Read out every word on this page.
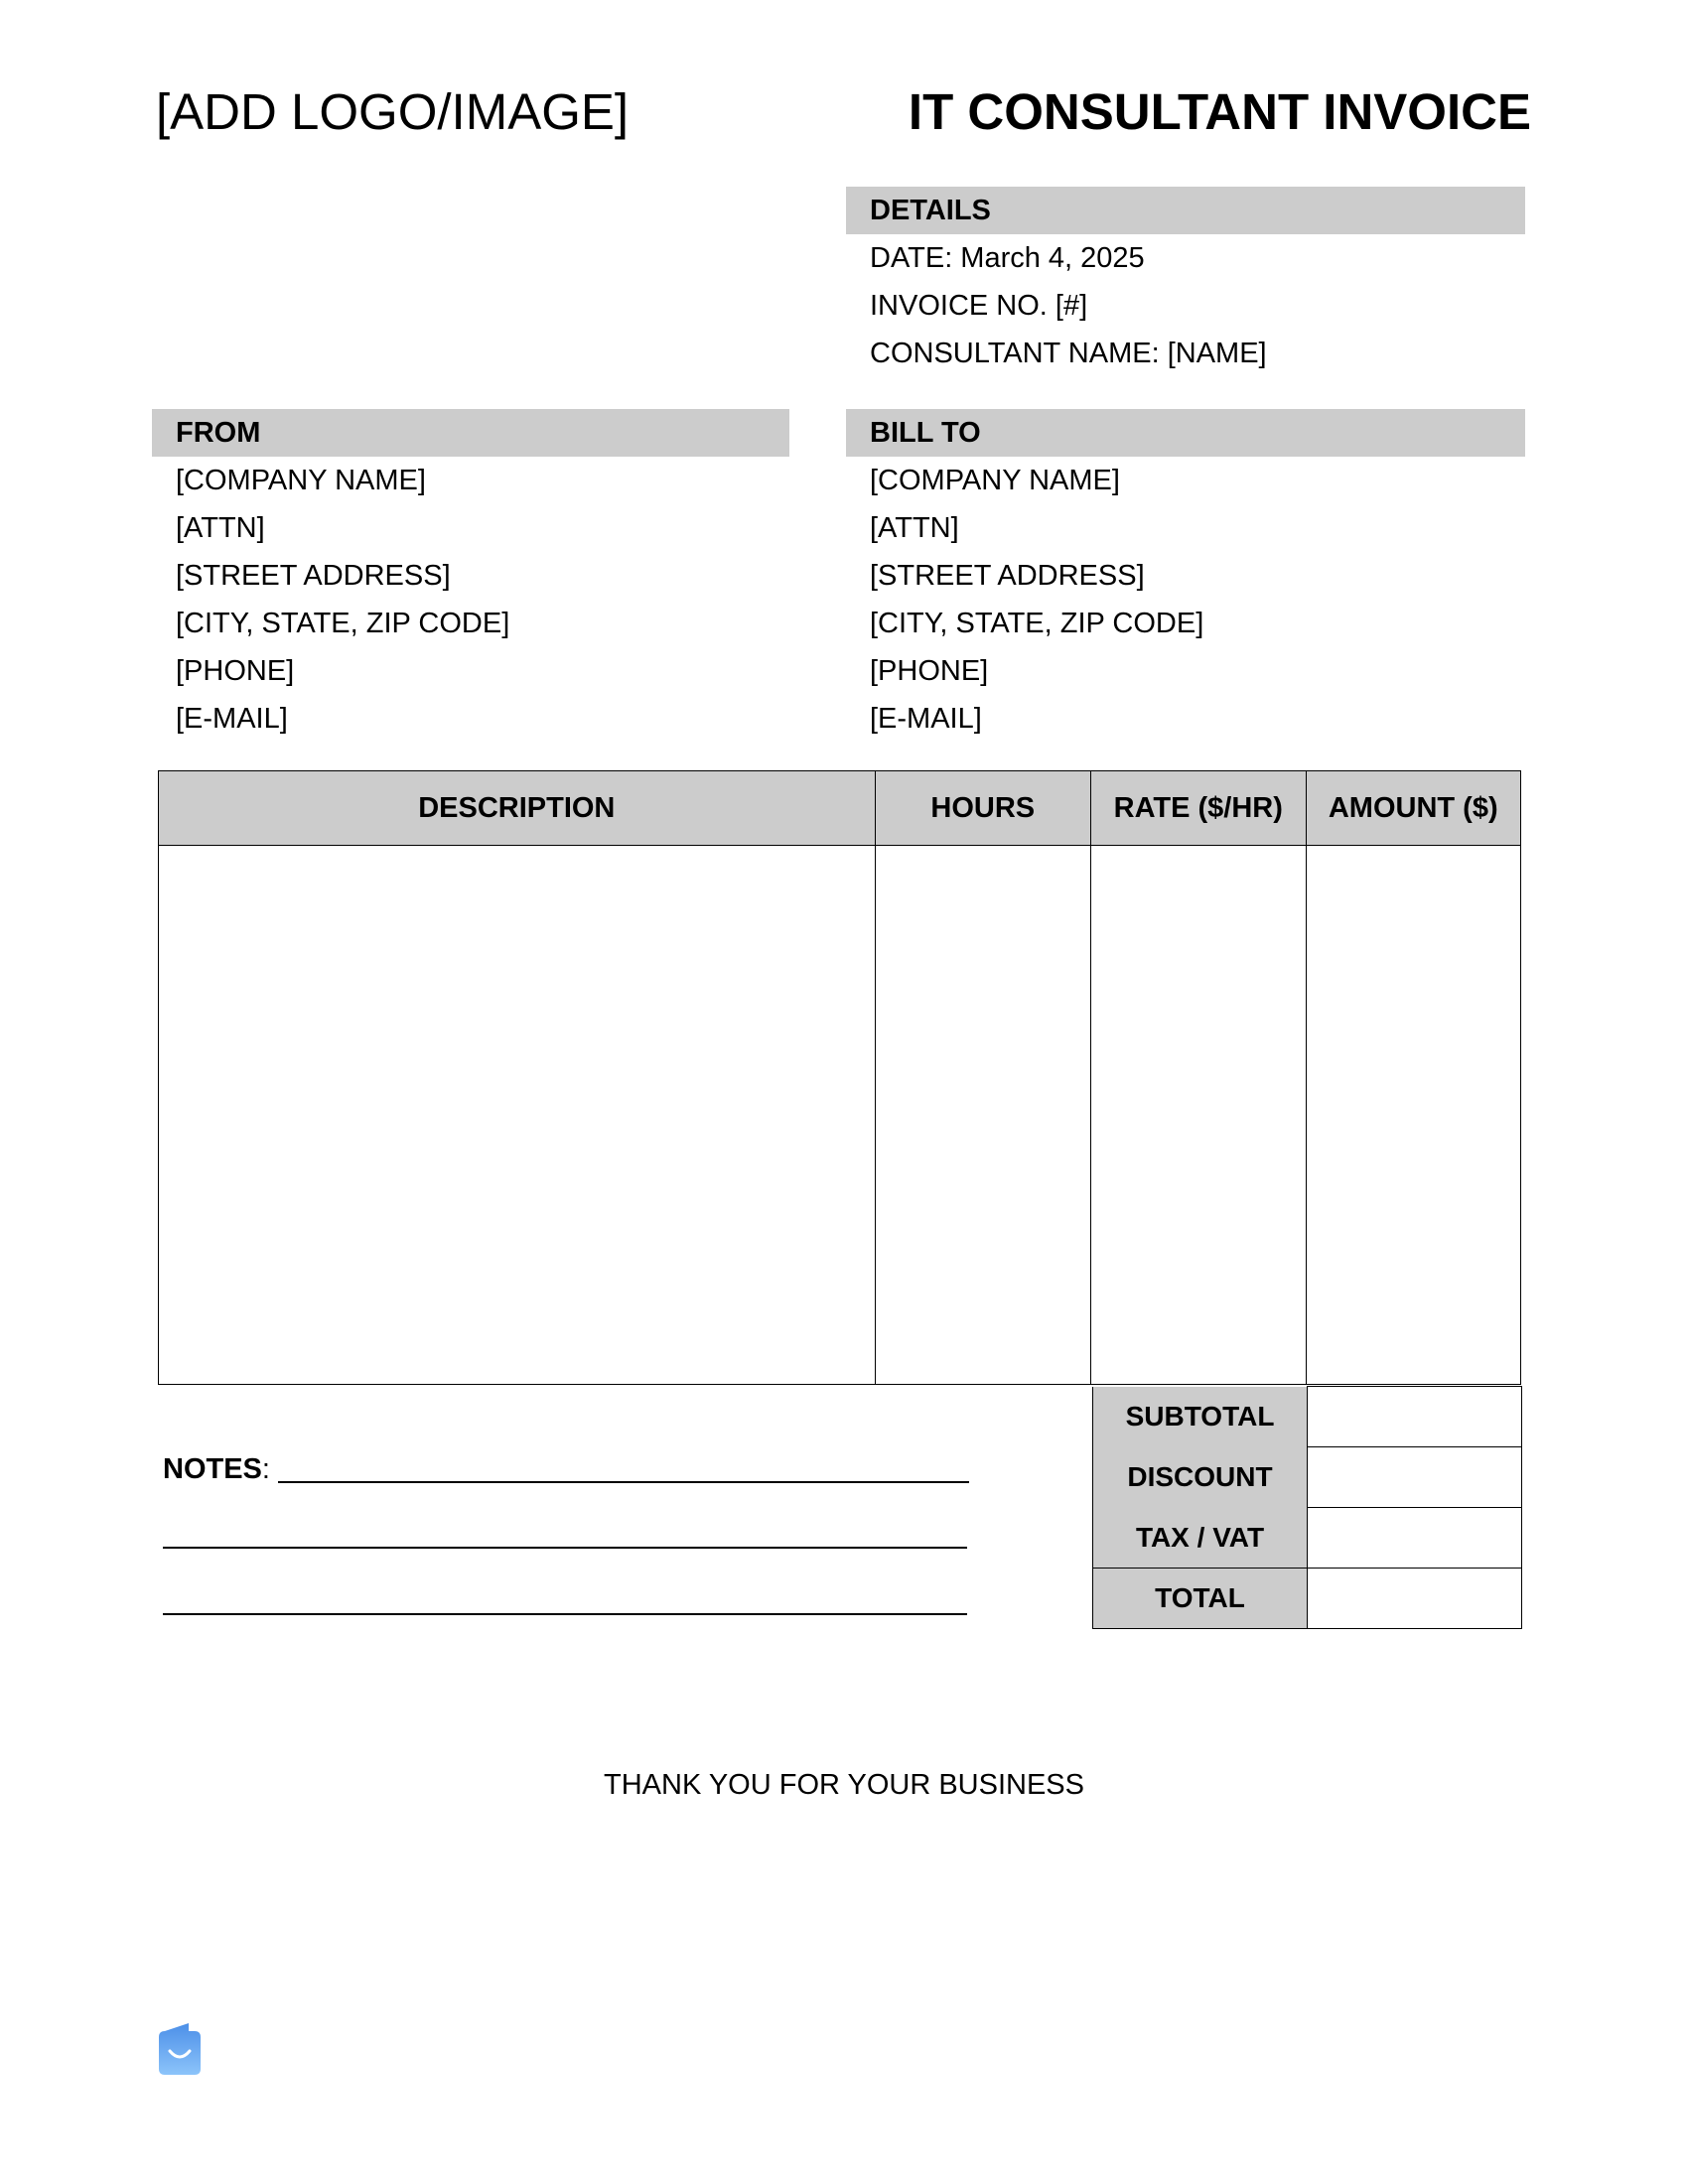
[ADD LOGO/IMAGE]	IT CONSULTANT INVOICE
DETAILS
DATE: March 4, 2025
INVOICE NO. [#]
CONSULTANT NAME: [NAME]
FROM
[COMPANY NAME]
[ATTN]
[STREET ADDRESS]
[CITY, STATE, ZIP CODE]
[PHONE]
[E-MAIL]
BILL TO
[COMPANY NAME]
[ATTN]
[STREET ADDRESS]
[CITY, STATE, ZIP CODE]
[PHONE]
[E-MAIL]
DESCRIPTION	HOURS	RATE ($/HR)	AMOUNT ($)

SUBTOTAL	
DISCOUNT	
TAX / VAT	
TOTAL	
NOTES:
THANK YOU FOR YOUR BUSINESS
